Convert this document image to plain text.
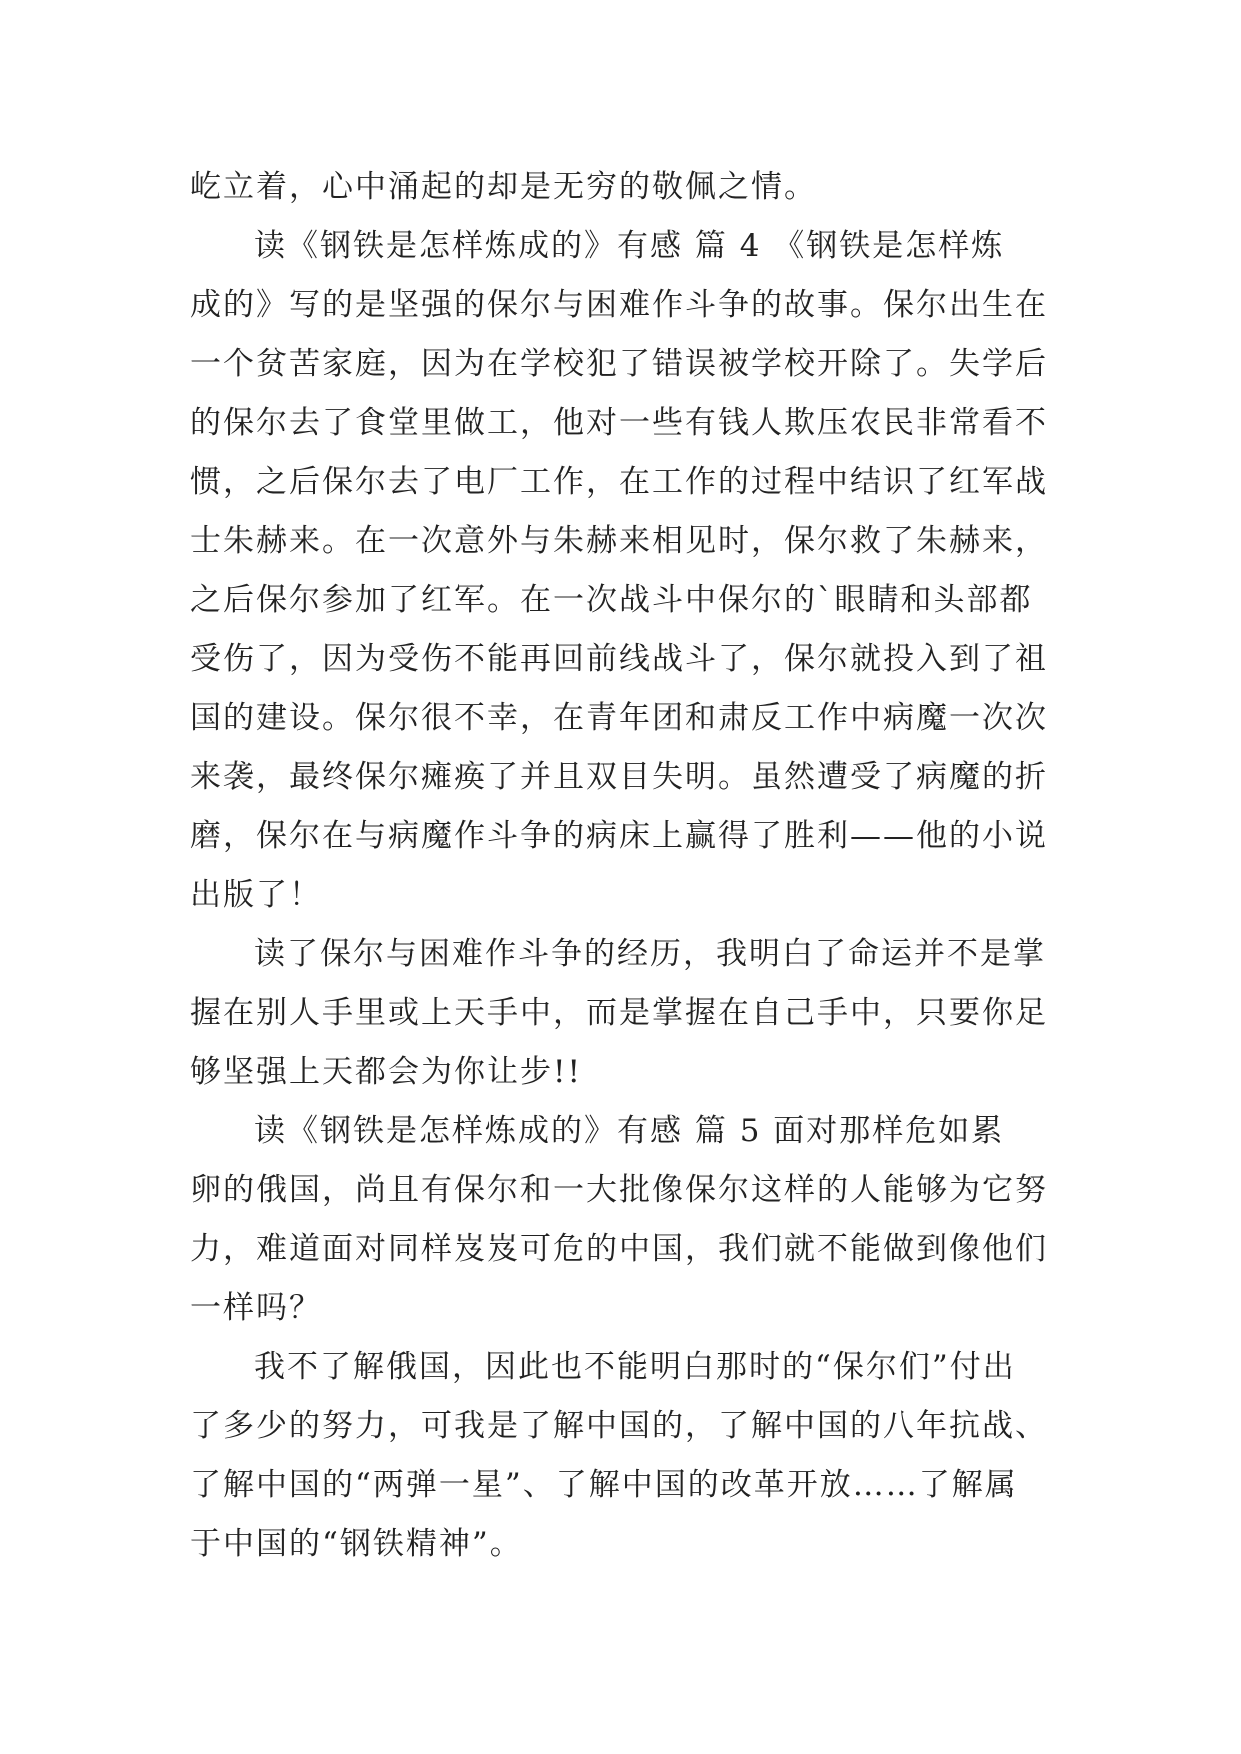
屹立着，心中涌起的却是无穷的敬佩之情。

读《钢铁是怎样炼成的》有感 篇 4 《钢铁是怎样炼
成的》写的是坚强的保尔与困难作斗争的故事。保尔出生在
一个贫苦家庭，因为在学校犯了错误被学校开除了。失学后
的保尔去了食堂里做工，他对一些有钱人欺压农民非常看不
惯，之后保尔去了电厂工作，在工作的过程中结识了红军战
士朱赫来。在一次意外与朱赫来相见时，保尔救了朱赫来，
之后保尔参加了红军。在一次战斗中保尔的`眼睛和头部都
受伤了，因为受伤不能再回前线战斗了，保尔就投入到了祖
国的建设。保尔很不幸，在青年团和肃反工作中病魔一次次
来袭，最终保尔瘫痪了并且双目失明。虽然遭受了病魔的折
磨，保尔在与病魔作斗争的病床上赢得了胜利——他的小说
出版了！

读了保尔与困难作斗争的经历，我明白了命运并不是掌
握在别人手里或上天手中，而是掌握在自己手中，只要你足
够坚强上天都会为你让步!!

读《钢铁是怎样炼成的》有感 篇 5 面对那样危如累
卵的俄国，尚且有保尔和一大批像保尔这样的人能够为它努
力，难道面对同样岌岌可危的中国，我们就不能做到像他们
一样吗？

我不了解俄国，因此也不能明白那时的“保尔们”付出
了多少的努力，可我是了解中国的，了解中国的八年抗战、
了解中国的“两弹一星”、了解中国的改革开放……了解属
于中国的“钢铁精神”。
